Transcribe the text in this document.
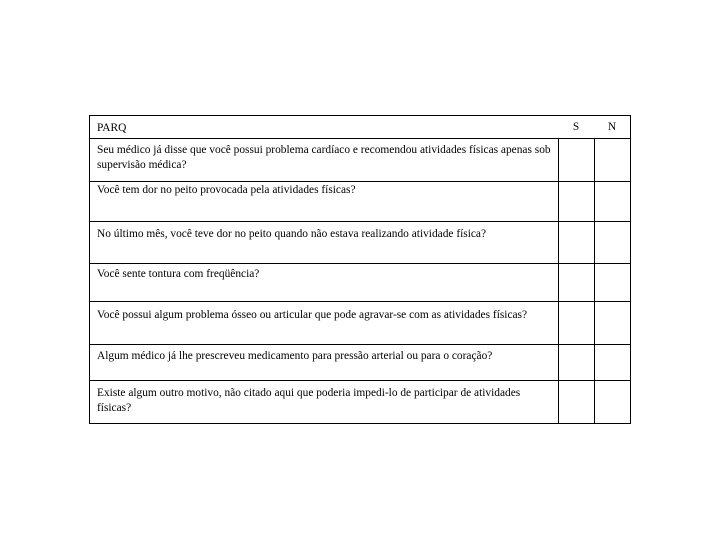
PARQ	S	N
Seu médico já disse que você possui problema cardíaco e recomendou atividades físicas apenas sob supervisão médica?
Você tem dor no peito provocada pela atividades físicas?
No último mês, você teve dor no peito quando não estava realizando atividade física?
Você sente tontura com freqüência?
Você possui algum problema ósseo ou articular que pode agravar-se com as atividades físicas?
Algum médico já lhe prescreveu medicamento para pressão arterial ou para o coração?
Existe algum outro motivo, não citado aqui que poderia impedi-lo de participar de atividades físicas?
